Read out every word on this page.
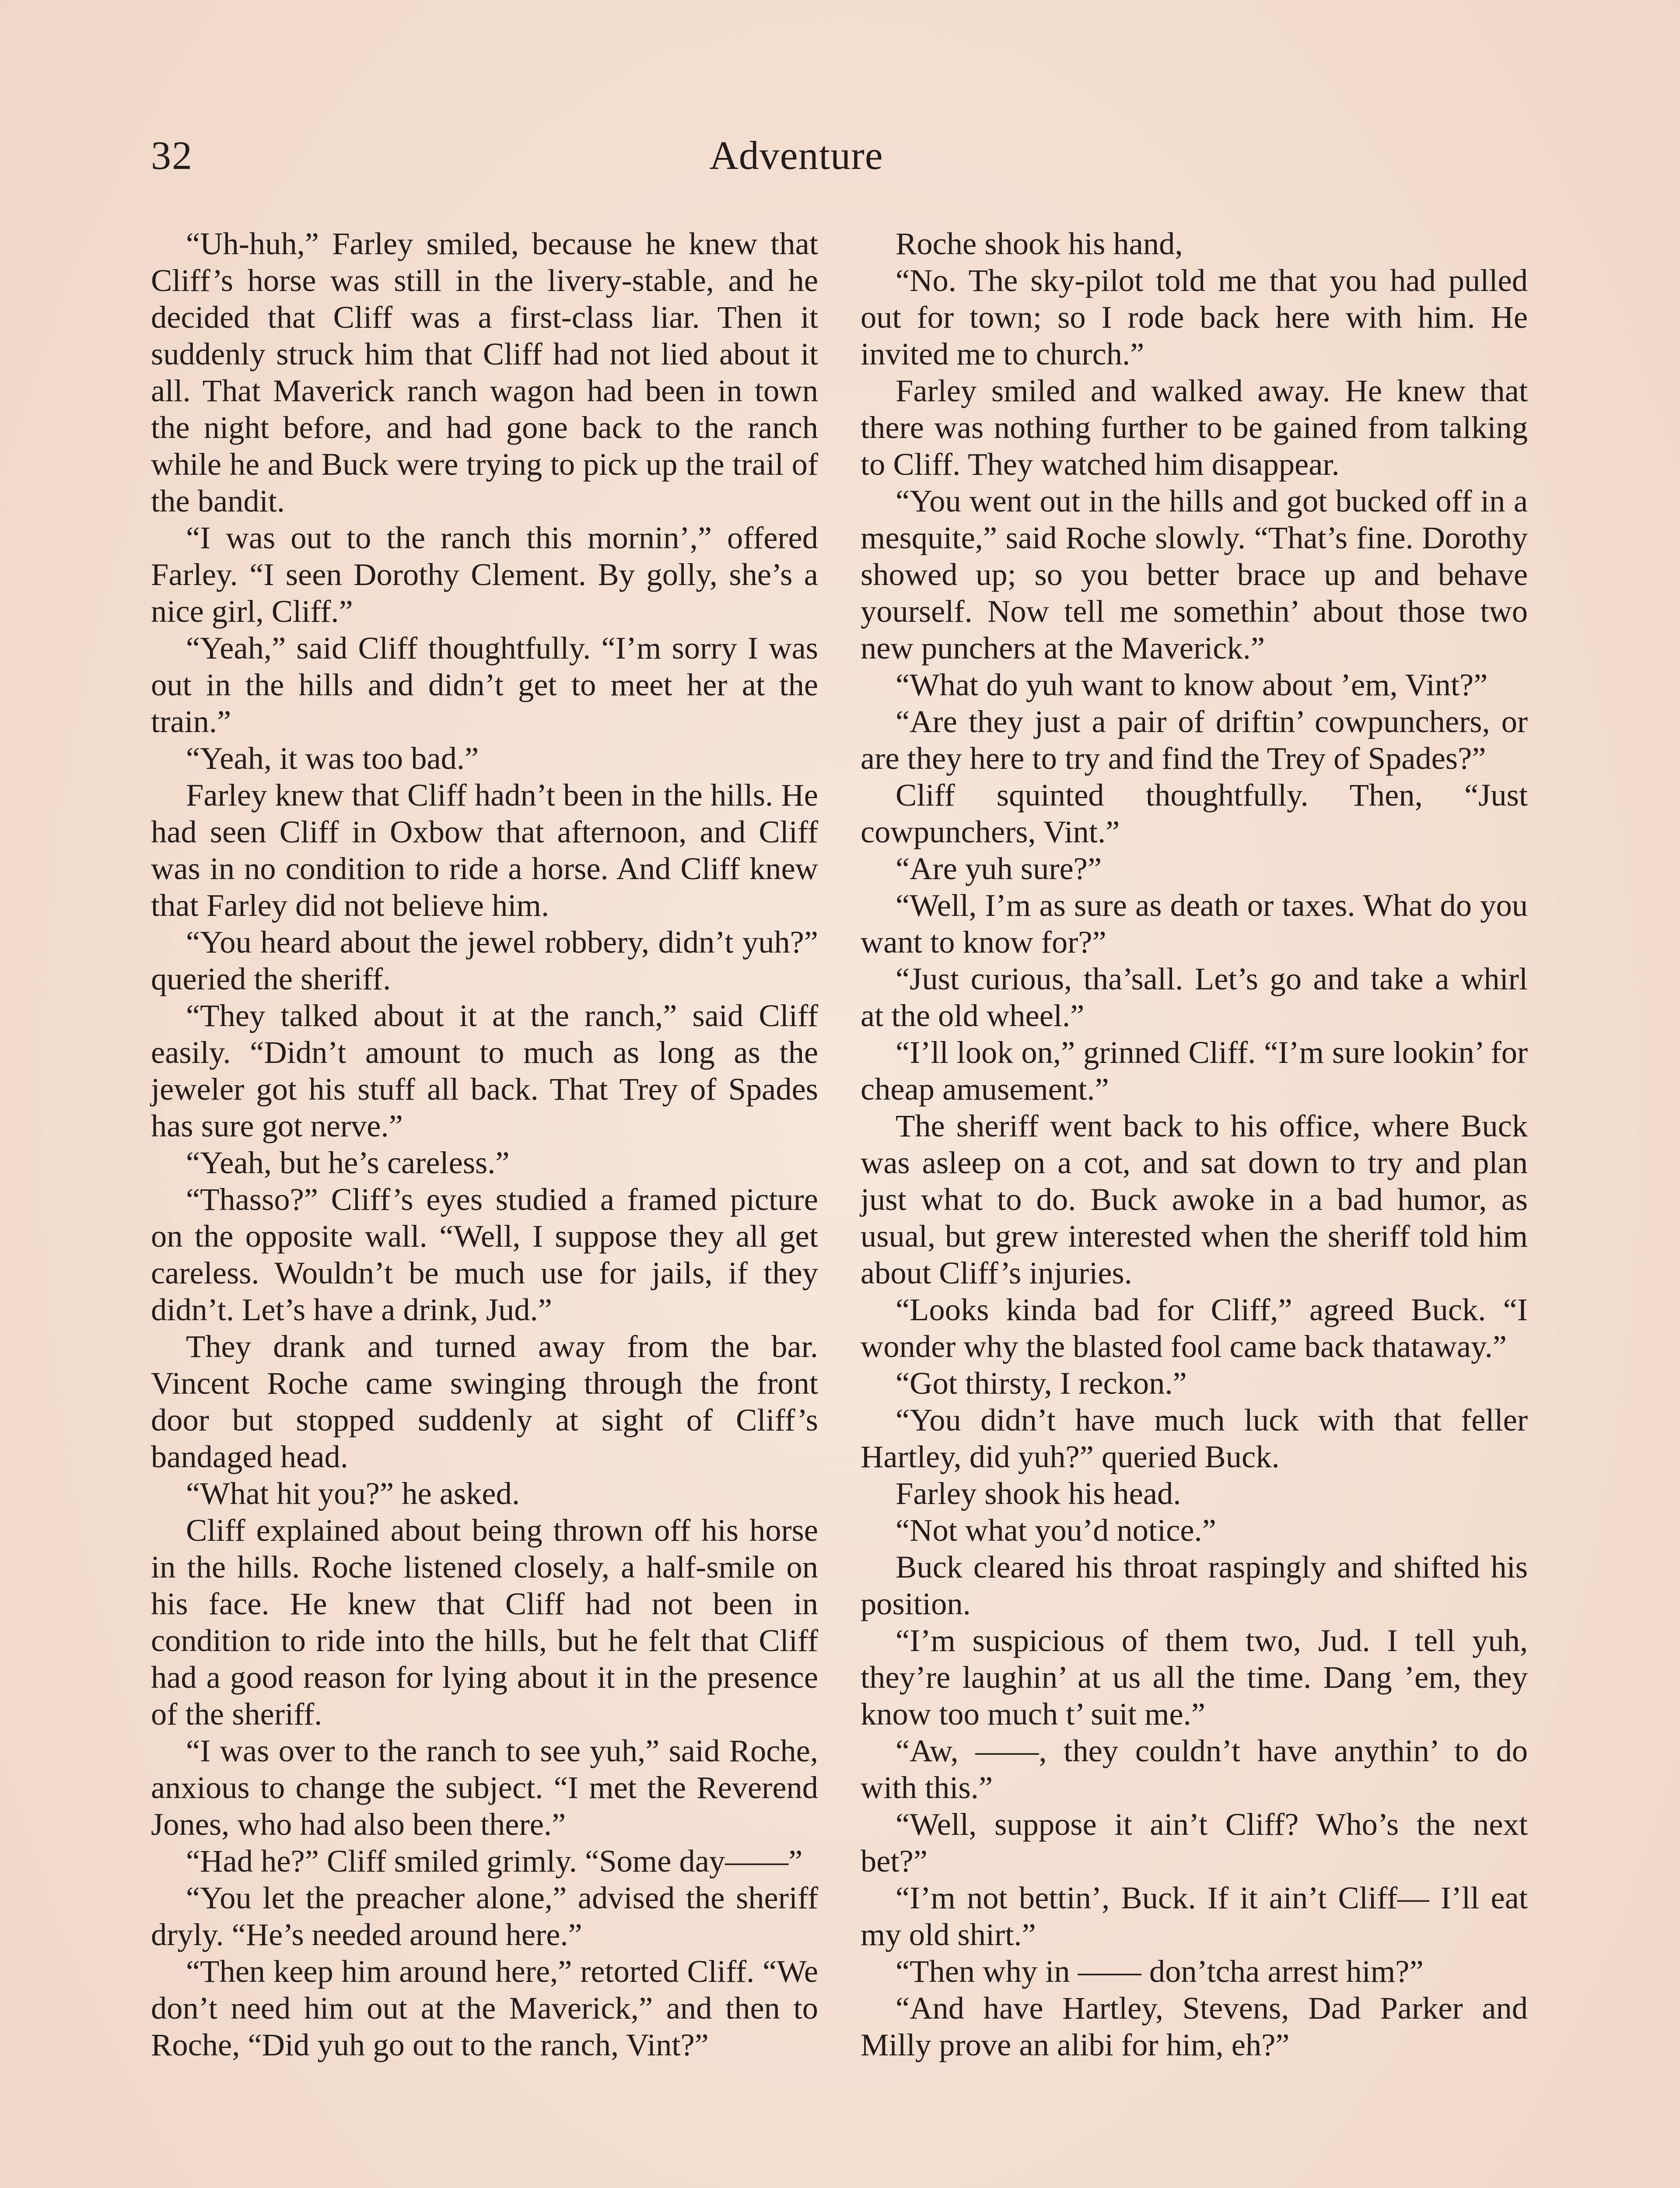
32	Adventure

“Uh-huh,” Farley smiled, because he knew that Cliff’s horse was still in the livery-stable, and he decided that Cliff was a first-class liar. Then it suddenly struck him that Cliff had not lied about it all. That Maverick ranch wagon had been in town the night before, and had gone back to the ranch while he and Buck were trying to pick up the trail of the bandit.

“I was out to the ranch this mornin’,” offered Farley. “I seen Dorothy Clement. By golly, she’s a nice girl, Cliff.”

“Yeah,” said Cliff thoughtfully. “I’m sorry I was out in the hills and didn’t get to meet her at the train.”

“Yeah, it was too bad.”

Farley knew that Cliff hadn’t been in the hills. He had seen Cliff in Oxbow that afternoon, and Cliff was in no condition to ride a horse. And Cliff knew that Farley did not believe him.

“You heard about the jewel robbery, didn’t yuh?” queried the sheriff.

“They talked about it at the ranch,” said Cliff easily. “Didn’t amount to much as long as the jeweler got his stuff all back. That Trey of Spades has sure got nerve.”

“Yeah, but he’s careless.”

“Thasso?” Cliff’s eyes studied a framed picture on the opposite wall. “Well, I suppose they all get careless. Wouldn’t be much use for jails, if they didn’t. Let’s have a drink, Jud.”

They drank and turned away from the bar. Vincent Roche came swinging through the front door but stopped suddenly at sight of Cliff’s bandaged head.

“What hit you?” he asked.

Cliff explained about being thrown off his horse in the hills. Roche listened closely, a half-smile on his face. He knew that Cliff had not been in condition to ride into the hills, but he felt that Cliff had a good reason for lying about it in the presence of the sheriff.

“I was over to the ranch to see yuh,” said Roche, anxious to change the subject. “I met the Reverend Jones, who had also been there.”

“Had he?” Cliff smiled grimly. “Some day——”

“You let the preacher alone,” advised the sheriff dryly. “He’s needed around here.”

“Then keep him around here,” retorted Cliff. “We don’t need him out at the Maverick,” and then to Roche, “Did yuh go out to the ranch, Vint?”

Roche shook his hand,

“No. The sky-pilot told me that you had pulled out for town; so I rode back here with him. He invited me to church.”

Farley smiled and walked away. He knew that there was nothing further to be gained from talking to Cliff. They watched him disappear.

“You went out in the hills and got bucked off in a mesquite,” said Roche slowly. “That’s fine. Dorothy showed up; so you better brace up and behave yourself. Now tell me somethin’ about those two new punchers at the Maverick.”

“What do yuh want to know about ’em, Vint?”

“Are they just a pair of driftin’ cowpunchers, or are they here to try and find the Trey of Spades?”

Cliff squinted thoughtfully. Then, “Just cowpunchers, Vint.”

“Are yuh sure?”

“Well, I’m as sure as death or taxes. What do you want to know for?”

“Just curious, tha’sall. Let’s go and take a whirl at the old wheel.”

“I’ll look on,” grinned Cliff. “I’m sure lookin’ for cheap amusement.”

The sheriff went back to his office, where Buck was asleep on a cot, and sat down to try and plan just what to do. Buck awoke in a bad humor, as usual, but grew interested when the sheriff told him about Cliff’s injuries.

“Looks kinda bad for Cliff,” agreed Buck. “I wonder why the blasted fool came back thataway.”

“Got thirsty, I reckon.”

“You didn’t have much luck with that feller Hartley, did yuh?” queried Buck.

Farley shook his head.

“Not what you’d notice.”

Buck cleared his throat raspingly and shifted his position.

“I’m suspicious of them two, Jud. I tell yuh, they’re laughin’ at us all the time. Dang ’em, they know too much t’ suit me.”

“Aw, ——, they couldn’t have anythin’ to do with this.”

“Well, suppose it ain’t Cliff? Who’s the next bet?”

“I’m not bettin’, Buck. If it ain’t Cliff— I’ll eat my old shirt.”

“Then why in —— don’tcha arrest him?”

“And have Hartley, Stevens, Dad Parker and Milly prove an alibi for him, eh?”
